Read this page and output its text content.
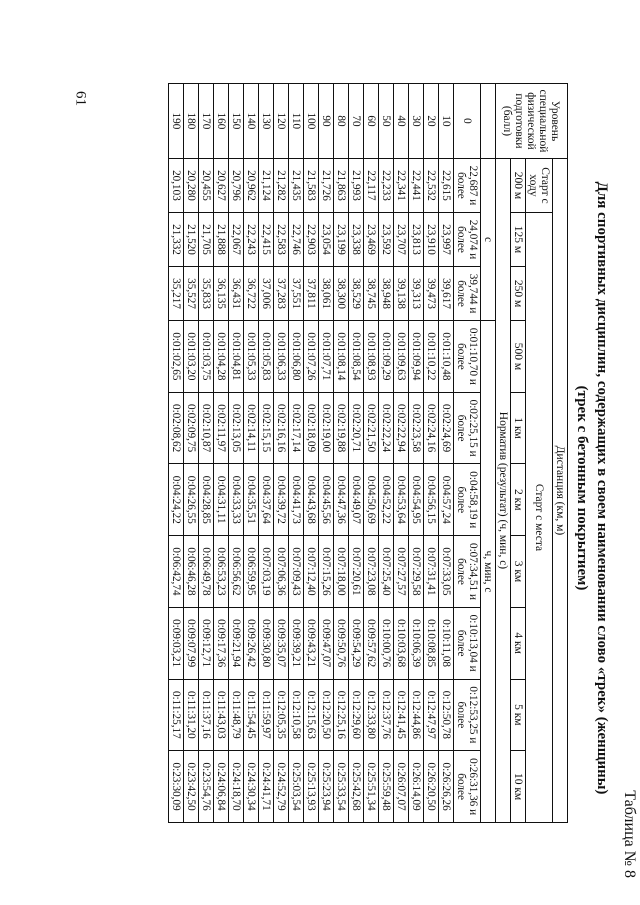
61
Таблица № 8
Для спортивных дисциплин, содержащих в своем наименовании слово «трек» (женщины)
(трек с бетонным покрытием)
Уровень специальной физической подготовки (балл)	Дистанция (км, м)									
	Старт с ходу	Старт с места								
	200 м	125 м	250 м	500 м	1 км	2 км	3 км	4 км	5 км	10 км
	Норматив (результат) (ч, мин, с)									
	с			ч, мин, с						
0	22,687 и более	24,074 и более	39,744 и более	0:01:10,70 и более	0:02:25,15 и более	0:04:58,19 и более	0:07:34,51 и более	0:10:13,04 и более	0:12:53,25 и более	0:26:31,36 и более
10	22,615	23,997	39,617	0:01:10,48	0:02:24,69	0:04:57,24	0:07:33,05	0:10:11,08	0:12:50,78	0:26:26,26
20	22,532	23,910	39,473	0:01:10,22	0:02:24,16	0:04:56,15	0:07:31,41	0:10:08,85	0:12:47,97	0:26:20,50
30	22,441	23,813	39,313	0:01:09,94	0:02:23,58	0:04:54,95	0:07:29,58	0:10:06,39	0:12:44,86	0:26:14,09
40	22,341	23,707	39,138	0:01:09,63	0:02:22,94	0:04:53,64	0:07:27,57	0:10:03,68	0:12:41,45	0:26:07,07
50	22,233	23,592	38,948	0:01:09,29	0:02:22,24	0:04:52,22	0:07:25,40	0:10:00,76	0:12:37,76	0:25:59,48
60	22,117	23,469	38,745	0:01:08,93	0:02:21,50	0:04:50,69	0:07:23,08	0:09:57,62	0:12:33,80	0:25:51,34
70	21,993	23,338	38,529	0:01:08,54	0:02:20,71	0:04:49,07	0:07:20,61	0:09:54,29	0:12:29,60	0:25:42,68
80	21,863	23,199	38,300	0:01:08,14	0:02:19,88	0:04:47,36	0:07:18,00	0:09:50,76	0:12:25,16	0:25:33,54
90	21,726	23,054	38,061	0:01:07,71	0:02:19,00	0:04:45,56	0:07:15,26	0:09:47,07	0:12:20,50	0:25:23,94
100	21,583	22,903	37,811	0:01:07,26	0:02:18,09	0:04:43,68	0:07:12,40	0:09:43,21	0:12:15,63	0:25:13,93
110	21,435	22,746	37,551	0:01:06,80	0:02:17,14	0:04:41,73	0:07:09,43	0:09:39,21	0:12:10,58	0:25:03,54
120	21,282	22,583	37,283	0:01:06,33	0:02:16,16	0:04:39,72	0:07:06,36	0:09:35,07	0:12:05,35	0:24:52,79
130	21,124	22,415	37,006	0:01:05,83	0:02:15,15	0:04:37,64	0:07:03,19	0:09:30,80	0:11:59,97	0:24:41,71
140	20,962	22,243	36,722	0:01:05,33	0:02:14,11	0:04:35,51	0:06:59,95	0:09:26,42	0:11:54,45	0:24:30,34
150	20,796	22,067	36,431	0:01:04,81	0:02:13,05	0:04:33,33	0:06:56,62	0:09:21,94	0:11:48,79	0:24:18,70
160	20,627	21,888	36,135	0:01:04,28	0:02:11,97	0:04:31,11	0:06:53,23	0:09:17,36	0:11:43,03	0:24:06,84
170	20,455	21,705	35,833	0:01:03,75	0:02:10,87	0:04:28,85	0:06:49,78	0:09:12,71	0:11:37,16	0:23:54,76
180	20,280	21,520	35,527	0:01:03,20	0:02:09,75	0:04:26,55	0:06:46,28	0:09:07,99	0:11:31,20	0:23:42,50
190	20,103	21,332	35,217	0:01:02,65	0:02:08,62	0:04:24,22	0:06:42,74	0:09:03,21	0:11:25,17	0:23:30,09
